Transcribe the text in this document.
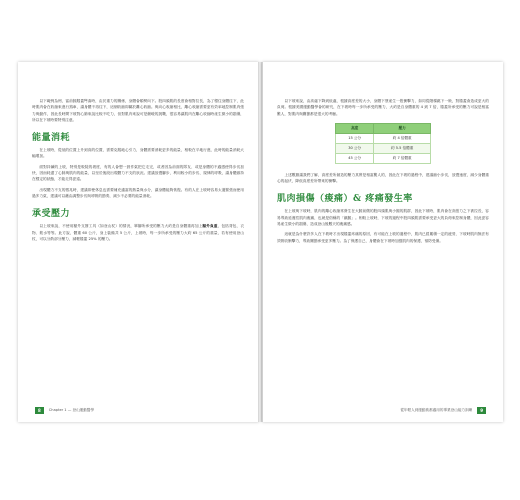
以下範例為例，當前腿膝蓋彎曲時，由於重力的關係，身體會順勢向下。股四頭肌的長度會相對拉長，為了穩住身體往下，此時肌肉會在收縮來進行煞車，讓身體不再往下，這個收縮即屬於離心收縮。與向心收縮相比，離心收縮需要更有效率地控制肌肉張力與動作，因此長時間下坡對心肺來說比較不吃力，但對肌肉來說可是嚴峻的挑戰，很容易讓肌肉在離心收縮時產生微小的損傷，所以在下坡時要特別注意。

能量消耗

在上坡時，從低的位置上升到高的位置，需要克服地心引力，身體需要消耗更多的能量，相較在平地行進，此時的能量消耗大幅增加。

面對持續的上坡，特別是較陡的坡度，有的人會想一鼓作氣把它走完，或者因為前面的隊友、或是身體的不適感使得步伐加快，因而耗盡了心肺與肌肉的能量，以至於後段出現體力不支的狀況。建議放慢腳步，利用較小的步伐、規律的呼吸，讓身體維持在穩定的狀態，才能走得更遠。

出現體力不支的徵兆時，建議即使休息也需要補充適當的熱量與水分，讓身體能夠恢復。有的人在上坡時容易太過緊張而使用過多力氣，建議可以藉由調整步伐與呼吸的節奏，減少不必要的能量消耗。

承受壓力

以上坡來說，不使用額外支撐工具（如登山杖）的情況，單腳所承受的壓力大約是自身體重再加上額外負重，包括背包、衣物、飲水等等。此方說，體重 60 公斤，身上裝備共 5 公斤，上坡時，每一步所承受的壓力大約 65 公斤的重量，若有使用登山杖，可以分散部分壓力，減輕膝蓋 25% 的壓力。

8	Chapter 1 — 登山運動醫學

以下坡來說，由高處下降到低處，根據高度差的大小，身體下墜產生一股衝擊力，如同從階梯跳下一般，對膝蓋會造成更大的負荷。根據美國運動醫學會的研究，在下坡時每一步所承受的壓力，大約是自身體重的 4 到 7 倍，膝蓋所承受的壓力可說是相當驚人，對肌肉與關節都是很大的考驗。

高度	壓力
15 公分	約 4 倍體重
30 公分	約 5.5 倍體重
45 公分	約 7 倍體重

上述數據讓我們了解，高度差所創造的壓力其實是相當驚人的，因此在下坡的過程中，建議縮小步伐，放慢速度，減少身體重心的起伏，降低高度差所帶來的衝擊。

肌肉損傷（痠痛）& 疼痛發生率

在上坡與下坡時，肌肉的離心收縮常發生在大腿前側的股四頭肌與小腿的肌群，因此下坡時，肌肉會在高張力之下被拉長，容易導致延遲性肌肉痠痛，也就是俗稱的「鐵腿」。相較上坡時，下坡的過程中股四頭肌需要承受更大的負荷來控制身體，因此更容易產生微小的損傷，造成登山後數天的痠痛感。

這就是為什麼許多人在下坡時才出現膝蓋疼痛的原因，有可能在上坡的過程中，肌肉已經累積一定的疲勞，下坡時肌肉無法有效吸收衝擊力，導致關節承受更多壓力。為了保護自己，身體會在下坡時加強肌肉的保護，預防受傷。

從年輕人到運動族都適用的專業登山能力訓練	9
